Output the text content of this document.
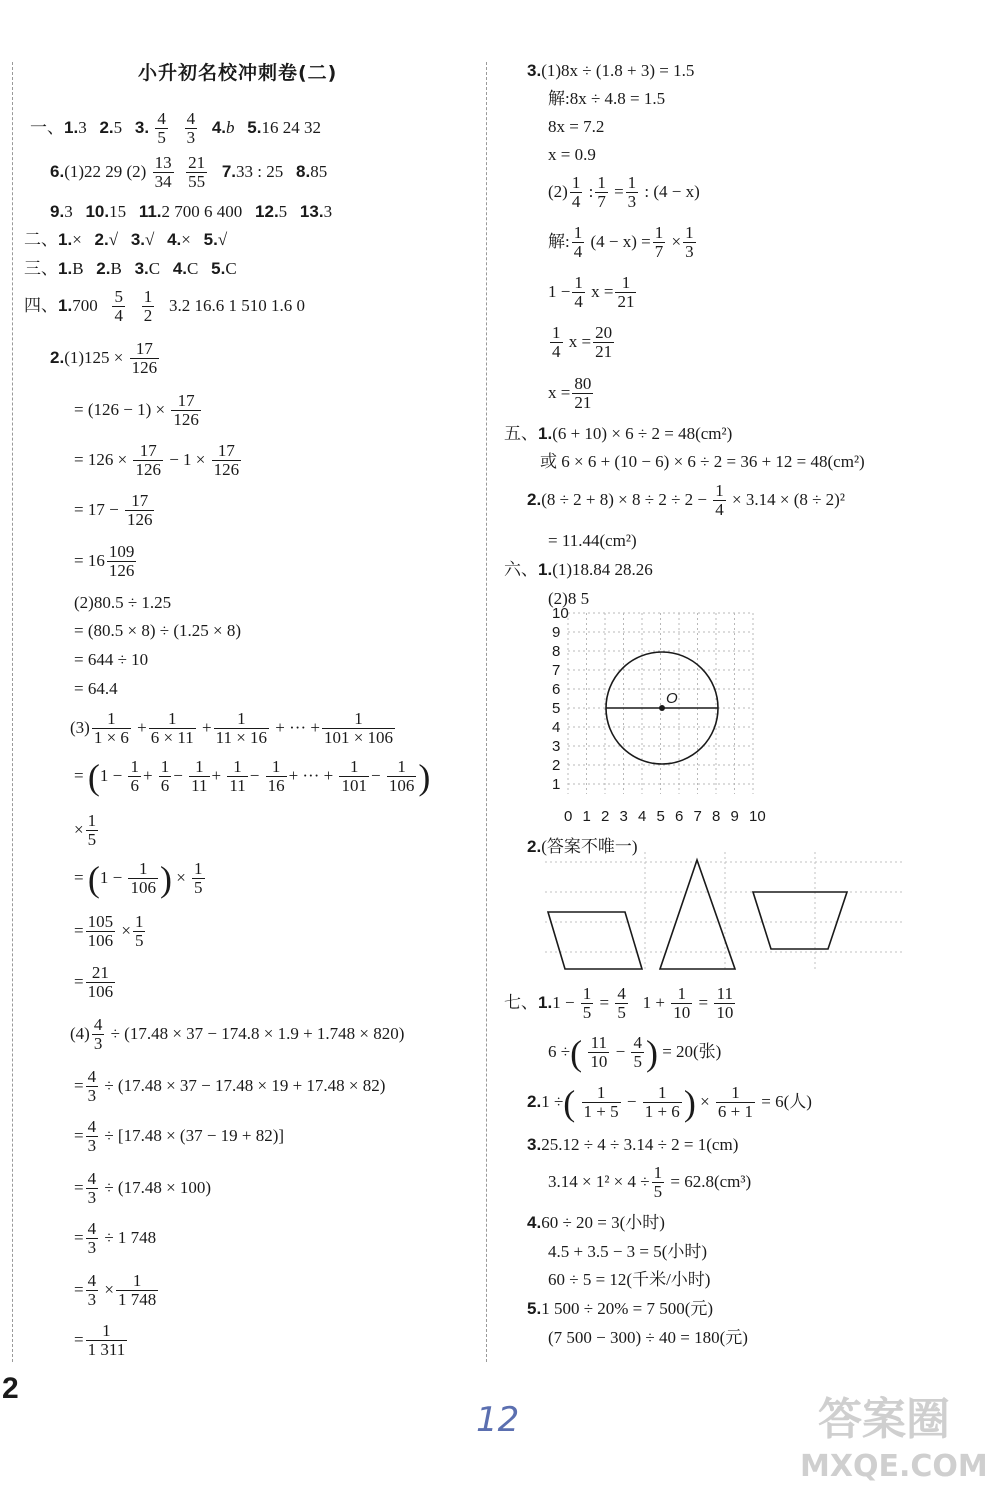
小升初名校冲刺卷(二)
一、1.3 2.5 3. $\frac{4}{5}$
$\frac{4}{3} 4.b$ 5.16 24 32
6.(1)22 29 $(2) \frac{13}{34}$
$\frac{21}{55} 7.33$ : 25 8.85
9.3 10.15 11.2 700 6 400 12.5 13.3
二、1.× 2.√ 3.√ 4.× 5.√
三、1.B 2.B 3.C 4.C 5.C
四、$1.700 \frac{5}{4}$
$\frac{1}{2} 3.2$ 16.6 1 510 1.6 0
$2.(1)125 \times \frac{17}{126}$
= $(126 - 1) \times \frac{17}{126}$
= $126 \times \frac{17}{126} - 1 \times \frac{17}{126}$
= $17 - \frac{17}{126}$
= $16 \frac{109}{126}$
(2)80.5 ÷ 1.25
= (80.5 × 8) ÷ (1.25 × 8)
= 644 ÷ 10
= 64.4
$(3) \frac{1}{1 \times 6} + \frac{1}{6 \times 11} + \frac{1}{11 \times 16}$ + ··· + $\frac{1}{101 \times 106}$
= ($1 - \frac{1}{6} + \frac{1}{6} - \frac{1}{11} + \frac{1}{11} - \frac{1}{16}$ + ··· + $\frac{1}{101} - \frac{1}{106}$ )
× $\frac{1}{5}$
= ($1 - \frac{1}{106}$ ) × $\frac{1}{5}$
= $\frac{105}{106} \times \frac{1}{5}$
= $\frac{21}{106}$
$(4) \frac{4}{3} \div (17.48 \times 37 - 174.8 \times 1.9 + 1.748 \times 820)$
= $\frac{4}{3} \div (17.48 \times 37 - 17.48 \times 19 + 17.48 \times 82)$
= $\frac{4}{3} \div [17.48 \times (37 - 19 + 82)]$
= $\frac{4}{3} \div (17.48 \times 100)$
= $\frac{4}{3} \div 1$ 748
= $\frac{4}{3} \times \frac{1}{1 748}$
= $\frac{1}{1 311}$
3.(1)8x ÷ (1.8 + 3) = 1.5
解:8x ÷ 4.8 = 1.5
8x = 7.2
x = 0.9
$(2) \frac{1}{4}$ : $\frac{1}{7} = \frac{1}{3}$ : (4 − x)
解: $\frac{1}{4} (4 - x) = \frac{1}{7} \times \frac{1}{3}$
$1 - \frac{1}{4}$ $x = \frac{1}{21}$
$\frac{1}{4}$ $x = \frac{20}{21}$
$x = \frac{80}{21}$
五、1.(6 + 10) × 6 ÷ 2 = 48(cm²)
或 6 × 6 + (10 − 6) × 6 ÷ 2 = 36 + 12 = 48(cm²)
$2.(8 \div 2 + 8) \times 8 \div 2 \div 2 - \frac{1}{4} \times 3.14 \times (8 \div 2)^2$
= 11.44(cm²)
六、1.(1)18.84 28.26
(2)8 5
10
9
8
7
6
5
4
3
2
1
0 1 2 3 4 5 6 7 8 9 10
O
2.(答案不唯一)
七、$1.1 - \frac{1}{5} = \frac{4}{5} 1 + \frac{1}{10} = \frac{11}{10}$
6 ÷( $\frac{11}{10} - \frac{4}{5}$ ) = 20(张)
2.1 ÷( $\frac{1}{1 + 5} - \frac{1}{1 + 6}$ ) × $\frac{1}{6 + 1} = 6$(人)
3.25.12 ÷ 4 ÷ 3.14 ÷ 2 = 1(cm)
$3.14 \times 1^2 \times 4 \div \frac{1}{5} = 62.8(cm^3)$
4.60 ÷ 20 = 3(小时)
4.5 + 3.5 − 3 = 5(小时)
60 ÷ 5 = 12(千米/小时)
5.1 500 ÷ 20% = 7 500(元)
(7 500 − 300) ÷ 40 = 180(元)
2
12	答案圈
MXQE.COM
